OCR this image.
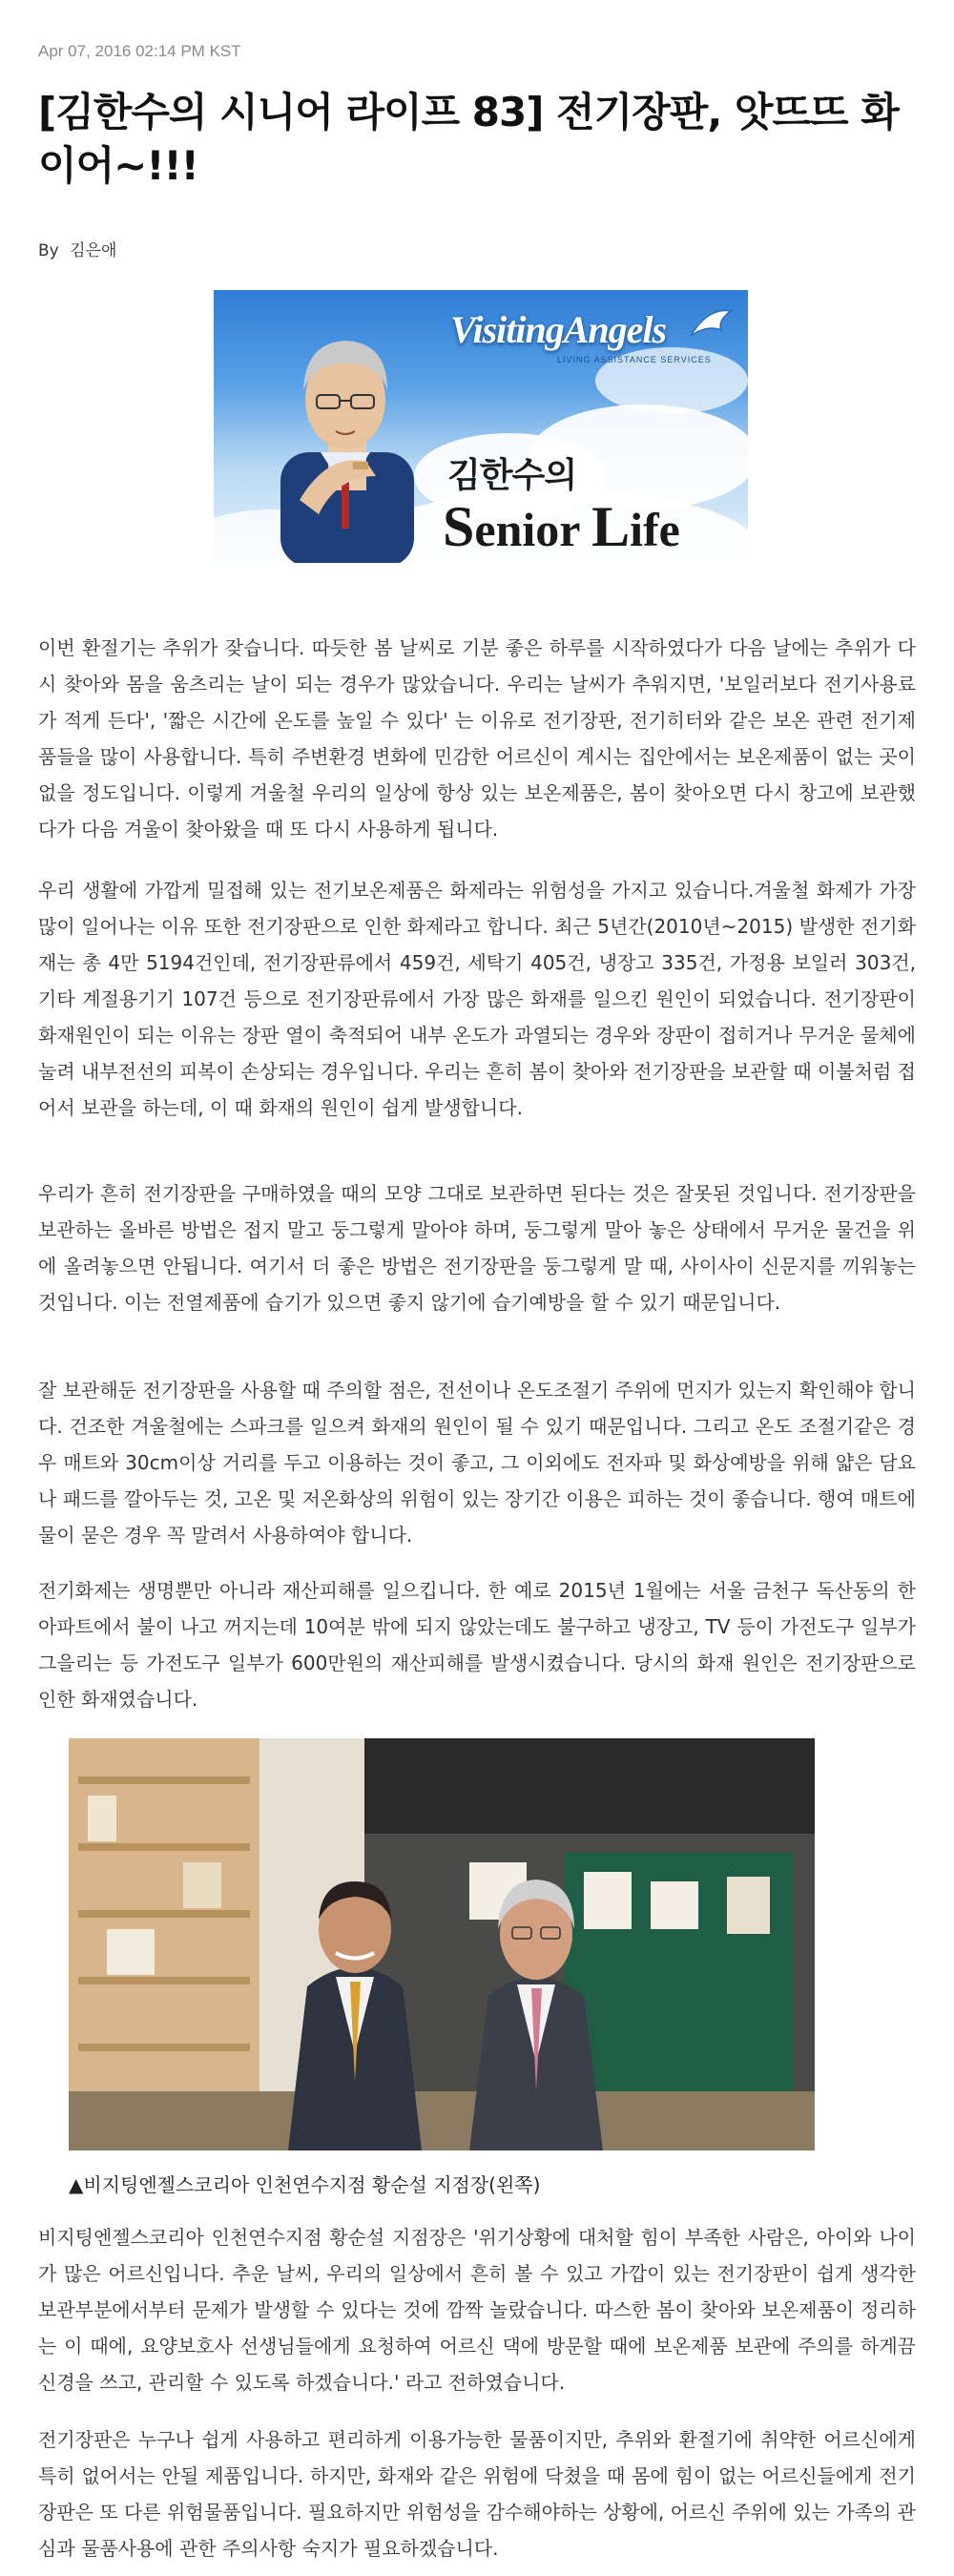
Apr 07, 2016 02:14 PM KST
[김한수의 시니어 라이프 83] 전기장판, 앗뜨뜨 화이어~!!!
By 김은애
VisitingAngels
LIVING ASSISTANCE SERVICES
김한수의
Senior Life

이번 환절기는 추위가 잦습니다. 따듯한 봄 날씨로 기분 좋은 하루를 시작하였다가 다음 날에는 추위가 다시 찾아와 몸을 움츠리는 날이 되는 경우가 많았습니다. 우리는 날씨가 추워지면, '보일러보다 전기사용료가 적게 든다', '짧은 시간에 온도를 높일 수 있다' 는 이유로 전기장판, 전기히터와 같은 보온 관련 전기제품들을 많이 사용합니다. 특히 주변환경 변화에 민감한 어르신이 계시는 집안에서는 보온제품이 없는 곳이 없을 정도입니다. 이렇게 겨울철 우리의 일상에 항상 있는 보온제품은, 봄이 찾아오면 다시 창고에 보관했다가 다음 겨울이 찾아왔을 때 또 다시 사용하게 됩니다.

우리 생활에 가깝게 밀접해 있는 전기보온제품은 화제라는 위험성을 가지고 있습니다.겨울철 화제가 가장 많이 일어나는 이유 또한 전기장판으로 인한 화제라고 합니다. 최근 5년간(2010년~2015) 발생한 전기화재는 총 4만 5194건인데, 전기장판류에서 459건, 세탁기 405건, 냉장고 335건, 가정용 보일러 303건, 기타 계절용기기 107건 등으로 전기장판류에서 가장 많은 화재를 일으킨 원인이 되었습니다. 전기장판이 화재원인이 되는 이유는 장판 열이 축적되어 내부 온도가 과열되는 경우와 장판이 접히거나 무거운 물체에 눌려 내부전선의 피복이 손상되는 경우입니다. 우리는 흔히 봄이 찾아와 전기장판을 보관할 때 이불처럼 접어서 보관을 하는데, 이 때 화재의 원인이 쉽게 발생합니다.

우리가 흔히 전기장판을 구매하였을 때의 모양 그대로 보관하면 된다는 것은 잘못된 것입니다. 전기장판을 보관하는 올바른 방법은 접지 말고 둥그렇게 말아야 하며, 둥그렇게 말아 놓은 상태에서 무거운 물건을 위에 올려놓으면 안됩니다. 여기서 더 좋은 방법은 전기장판을 둥그렇게 말 때, 사이사이 신문지를 끼워놓는 것입니다. 이는 전열제품에 습기가 있으면 좋지 않기에 습기예방을 할 수 있기 때문입니다.

잘 보관해둔 전기장판을 사용할 때 주의할 점은, 전선이나 온도조절기 주위에 먼지가 있는지 확인해야 합니다. 건조한 겨울철에는 스파크를 일으켜 화재의 원인이 될 수 있기 때문입니다. 그리고 온도 조절기같은 경우 매트와 30cm이상 거리를 두고 이용하는 것이 좋고, 그 이외에도 전자파 및 화상예방을 위해 얇은 담요나 패드를 깔아두는 것, 고온 및 저온화상의 위험이 있는 장기간 이용은 피하는 것이 좋습니다. 행여 매트에 물이 묻은 경우 꼭 말려서 사용하여야 합니다.

전기화제는 생명뿐만 아니라 재산피해를 일으킵니다. 한 예로 2015년 1월에는 서울 금천구 독산동의 한 아파트에서 불이 나고 꺼지는데 10여분 밖에 되지 않았는데도 불구하고 냉장고, TV 등이 가전도구 일부가 그을리는 등 가전도구 일부가 600만원의 재산피해를 발생시켰습니다. 당시의 화재 원인은 전기장판으로 인한 화재였습니다.

비지팅엔젤스코리아 인천연수지점 황순설 지점장은 '위기상황에 대처할 힘이 부족한 사람은, 아이와 나이가 많은 어르신입니다. 추운 날씨, 우리의 일상에서 흔히 볼 수 있고 가깝이 있는 전기장판이 쉽게 생각한 보관부분에서부터 문제가 발생할 수 있다는 것에 깜짝 놀랐습니다. 따스한 봄이 찾아와 보온제품이 정리하는 이 때에, 요양보호사 선생님들에게 요청하여 어르신 댁에 방문할 때에 보온제품 보관에 주의를 하게끔 신경을 쓰고, 관리할 수 있도록 하겠습니다.' 라고 전하였습니다.

전기장판은 누구나 쉽게 사용하고 편리하게 이용가능한 물품이지만, 추위와 환절기에 취약한 어르신에게 특히 없어서는 안될 제품입니다. 하지만, 화재와 같은 위험에 닥쳤을 때 몸에 힘이 없는 어르신들에게 전기장판은 또 다른 위험물품입니다. 필요하지만 위험성을 감수해야하는 상황에, 어르신 주위에 있는 가족의 관심과 물품사용에 관한 주의사항 숙지가 필요하겠습니다.

▲비지팅엔젤스코리아 인천연수지점 황순설 지점장(왼쪽)
